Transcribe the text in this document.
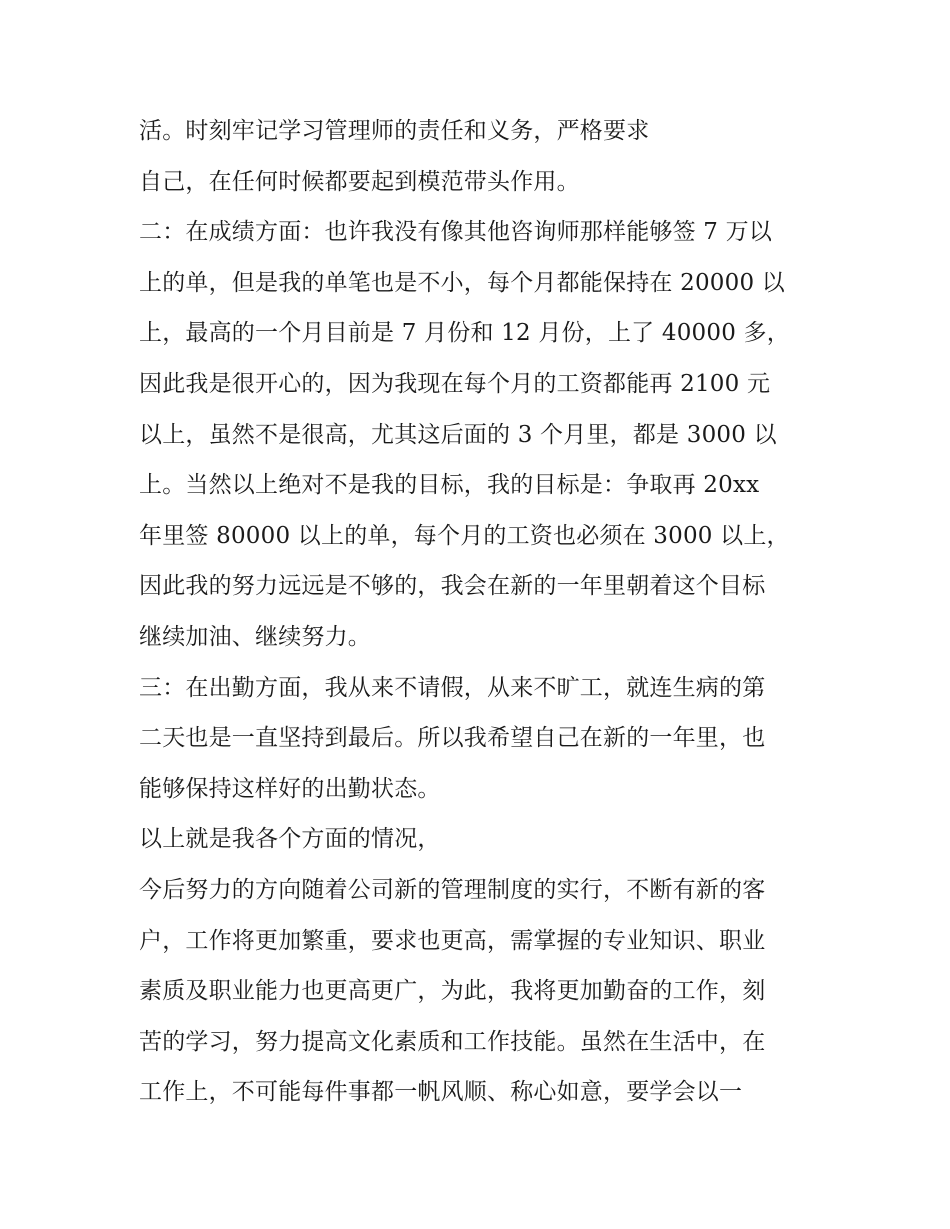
活。时刻牢记学习管理师的责任和义务，严格要求
自己，在任何时候都要起到模范带头作用。
二：在成绩方面：也许我没有像其他咨询师那样能够签 7 万以
上的单，但是我的单笔也是不小，每个月都能保持在 20000 以
上，最高的一个月目前是 7 月份和 12 月份，上了 40000 多，
因此我是很开心的，因为我现在每个月的工资都能再 2100 元
以上，虽然不是很高，尤其这后面的 3 个月里，都是 3000 以
上。当然以上绝对不是我的目标，我的目标是：争取再 20xx
年里签 80000 以上的单，每个月的工资也必须在 3000 以上，
因此我的努力远远是不够的，我会在新的一年里朝着这个目标
继续加油、继续努力。
三：在出勤方面，我从来不请假，从来不旷工，就连生病的第
二天也是一直坚持到最后。所以我希望自己在新的一年里，也
能够保持这样好的出勤状态。
以上就是我各个方面的情况，
今后努力的方向随着公司新的管理制度的实行，不断有新的客
户，工作将更加繁重，要求也更高，需掌握的专业知识、职业
素质及职业能力也更高更广，为此，我将更加勤奋的工作，刻
苦的学习，努力提高文化素质和工作技能。虽然在生活中，在
工作上，不可能每件事都一帆风顺、称心如意，要学会以一
